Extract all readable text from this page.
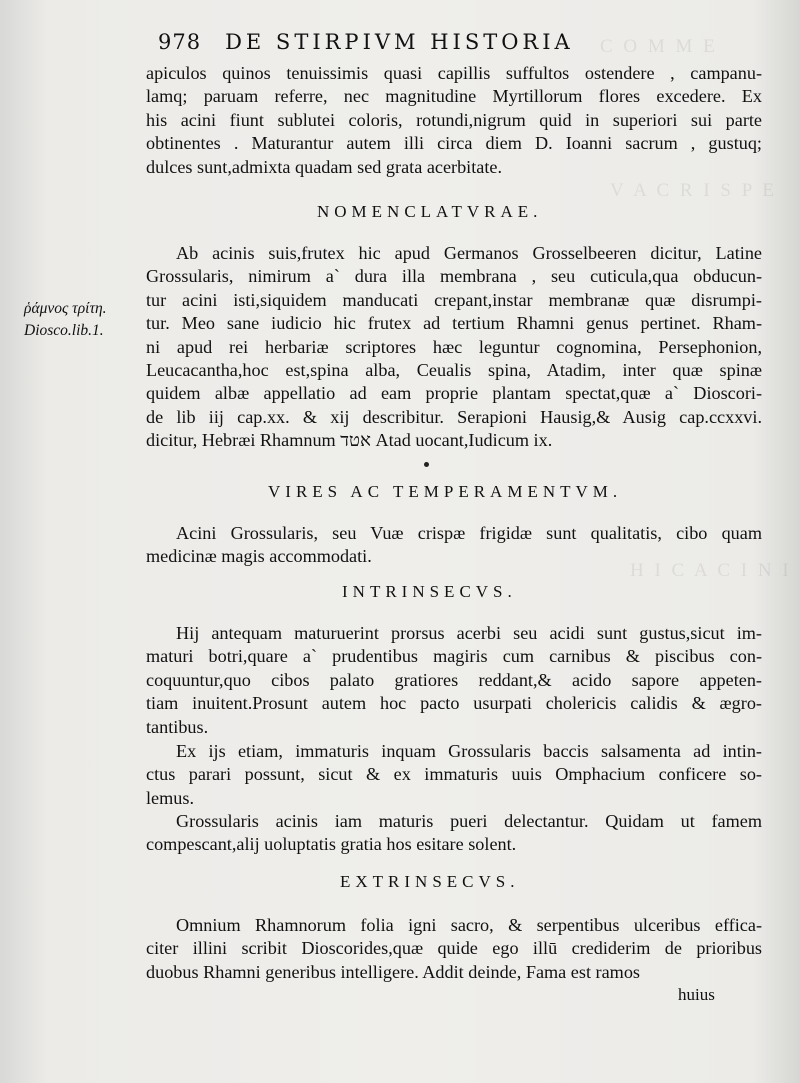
C O M M E
V A C R I S P E
H I C A C I N I
978 DE STIRPIVM HISTORIA
apiculos quinos tenuissimis quasi capillis suffultos ostendere , campanu-
lamq; paruam referre, nec magnitudine Myrtillorum flores excedere. Ex
his acini fiunt sublutei coloris, rotundi,nigrum quid in superiori sui parte
obtinentes . Maturantur autem illi circa diem D. Ioanni sacrum , gustuq;
dulces sunt,admixta quadam sed grata acerbitate.
NOMENCLATVRAE.
Ab acinis suis,frutex hic apud Germanos Grosselbeeren dicitur, Latine
Grossularis, nimirum a` dura illa membrana , seu cuticula,qua obducun-
tur acini isti,siquidem manducati crepant,instar membranæ quæ disrumpi-
tur. Meo sane iudicio hic frutex ad tertium Rhamni genus pertinet. Rham-
ni apud rei herbariæ scriptores hæc leguntur cognomina, Persephonion,
Leucacantha,hoc est,spina alba, Ceualis spina, Atadim, inter quæ spinæ
quidem albæ appellatio ad eam proprie plantam spectat,quæ a` Dioscori-
de lib iij cap.xx. & xij describitur. Serapioni Hausig,& Ausig cap.ccxxvi.
dicitur, Hebræi Rhamnum אטד Atad uocant,Iudicum ix.
ῥάμνος τρίτη.
Diosco.lib.1.
VIRES AC TEMPERAMENTVM.
Acini Grossularis, seu Vuæ crispæ frigidæ sunt qualitatis, cibo quam
medicinæ magis accommodati.
INTRINSECVS.
Hij antequam maturuerint prorsus acerbi seu acidi sunt gustus,sicut im-
maturi botri,quare a` prudentibus magiris cum carnibus & piscibus con-
coquuntur,quo cibos palato gratiores reddant,& acido sapore appeten-
tiam inuitent.Prosunt autem hoc pacto usurpati cholericis calidis & ægro-
tantibus.
Ex ijs etiam, immaturis inquam Grossularis baccis salsamenta ad intin-
ctus parari possunt, sicut & ex immaturis uuis Omphacium conficere so-
lemus.
Grossularis acinis iam maturis pueri delectantur. Quidam ut famem
compescant,alij uoluptatis gratia hos esitare solent.
EXTRINSECVS.
Omnium Rhamnorum folia igni sacro, & serpentibus ulceribus effica-
citer illini scribit Dioscorides,quæ quide ego illū crediderim de prioribus
duobus Rhamni generibus intelligere. Addit deinde, Fama est ramos
huius
